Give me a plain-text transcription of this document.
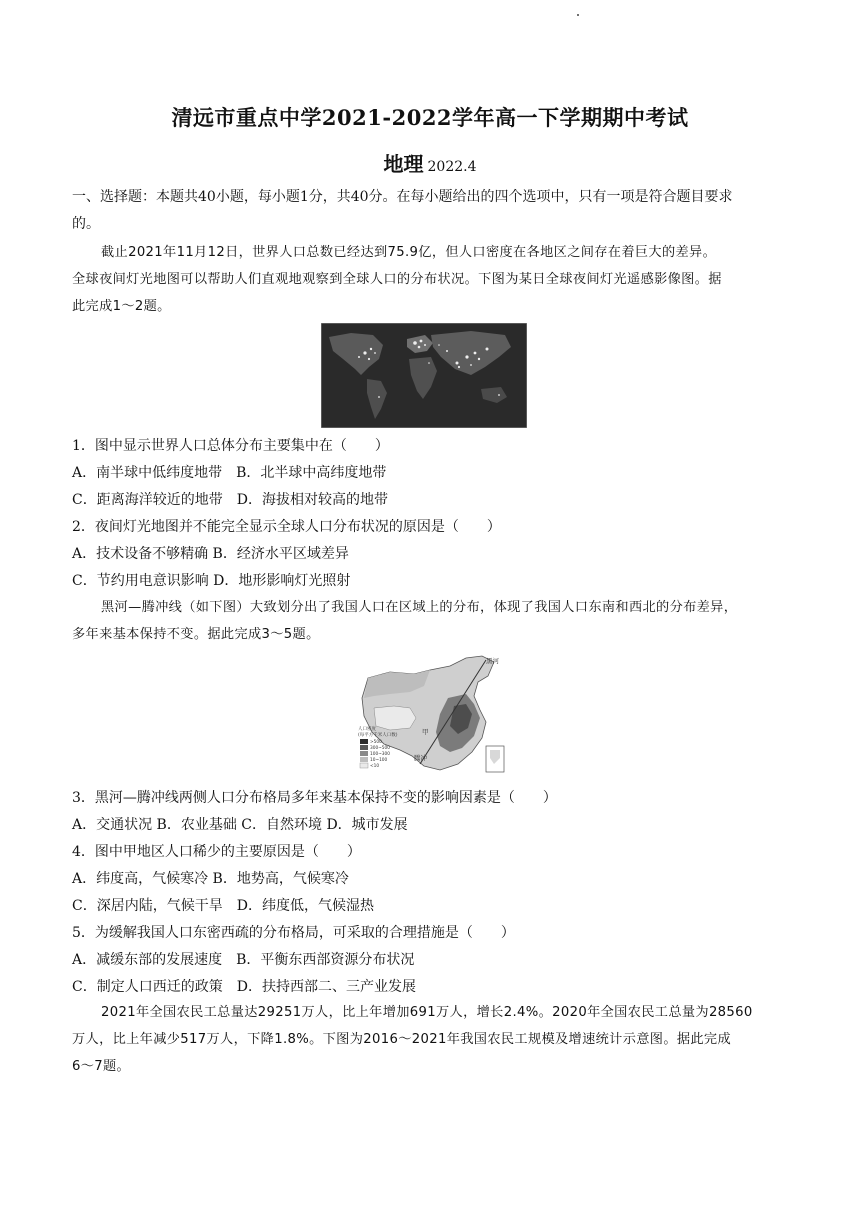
清远市重点中学2021-2022学年高一下学期期中考试
地理 2022.4
一、选择题：本题共40小题，每小题1分，共40分。在每小题给出的四个选项中，只有一项是符合题目要求
的。
截止2021年11月12日，世界人口总数已经达到75.9亿，但人口密度在各地区之间存在着巨大的差异。
全球夜间灯光地图可以帮助人们直观地观察到全球人口的分布状况。下图为某日全球夜间灯光遥感影像图。据
此完成1～2题。
1．图中显示世界人口总体分布主要集中在（　　）
A．南半球中低纬度地带 B．北半球中高纬度地带
C．距离海洋较近的地带 D．海拔相对较高的地带
2．夜间灯光地图并不能完全显示全球人口分布状况的原因是（　　）
A．技术设备不够精确 B．经济水平区域差异
C．节约用电意识影响 D．地形影响灯光照射
黑河—腾冲线（如下图）大致划分出了我国人口在区域上的分布，体现了我国人口东南和西北的分布差异，
多年来基本保持不变。据此完成3～5题。
黑河
腾冲
甲
人口密度
(每平方千米人口数)
>500
300~500
100~300
10~100
<10
3．黑河—腾冲线两侧人口分布格局多年来基本保持不变的影响因素是（　　）
A．交通状况 B．农业基础 C．自然环境 D．城市发展
4．图中甲地区人口稀少的主要原因是（　　）
A．纬度高，气候寒冷 B．地势高，气候寒冷
C．深居内陆，气候干旱 D．纬度低，气候湿热
5．为缓解我国人口东密西疏的分布格局，可采取的合理措施是（　　）
A．减缓东部的发展速度 B．平衡东西部资源分布状况
C．制定人口西迁的政策 D．扶持西部二、三产业发展
2021年全国农民工总量达29251万人，比上年增加691万人，增长2.4%。2020年全国农民工总量为28560
万人，比上年减少517万人，下降1.8%。下图为2016～2021年我国农民工规模及增速统计示意图。据此完成
6～7题。
